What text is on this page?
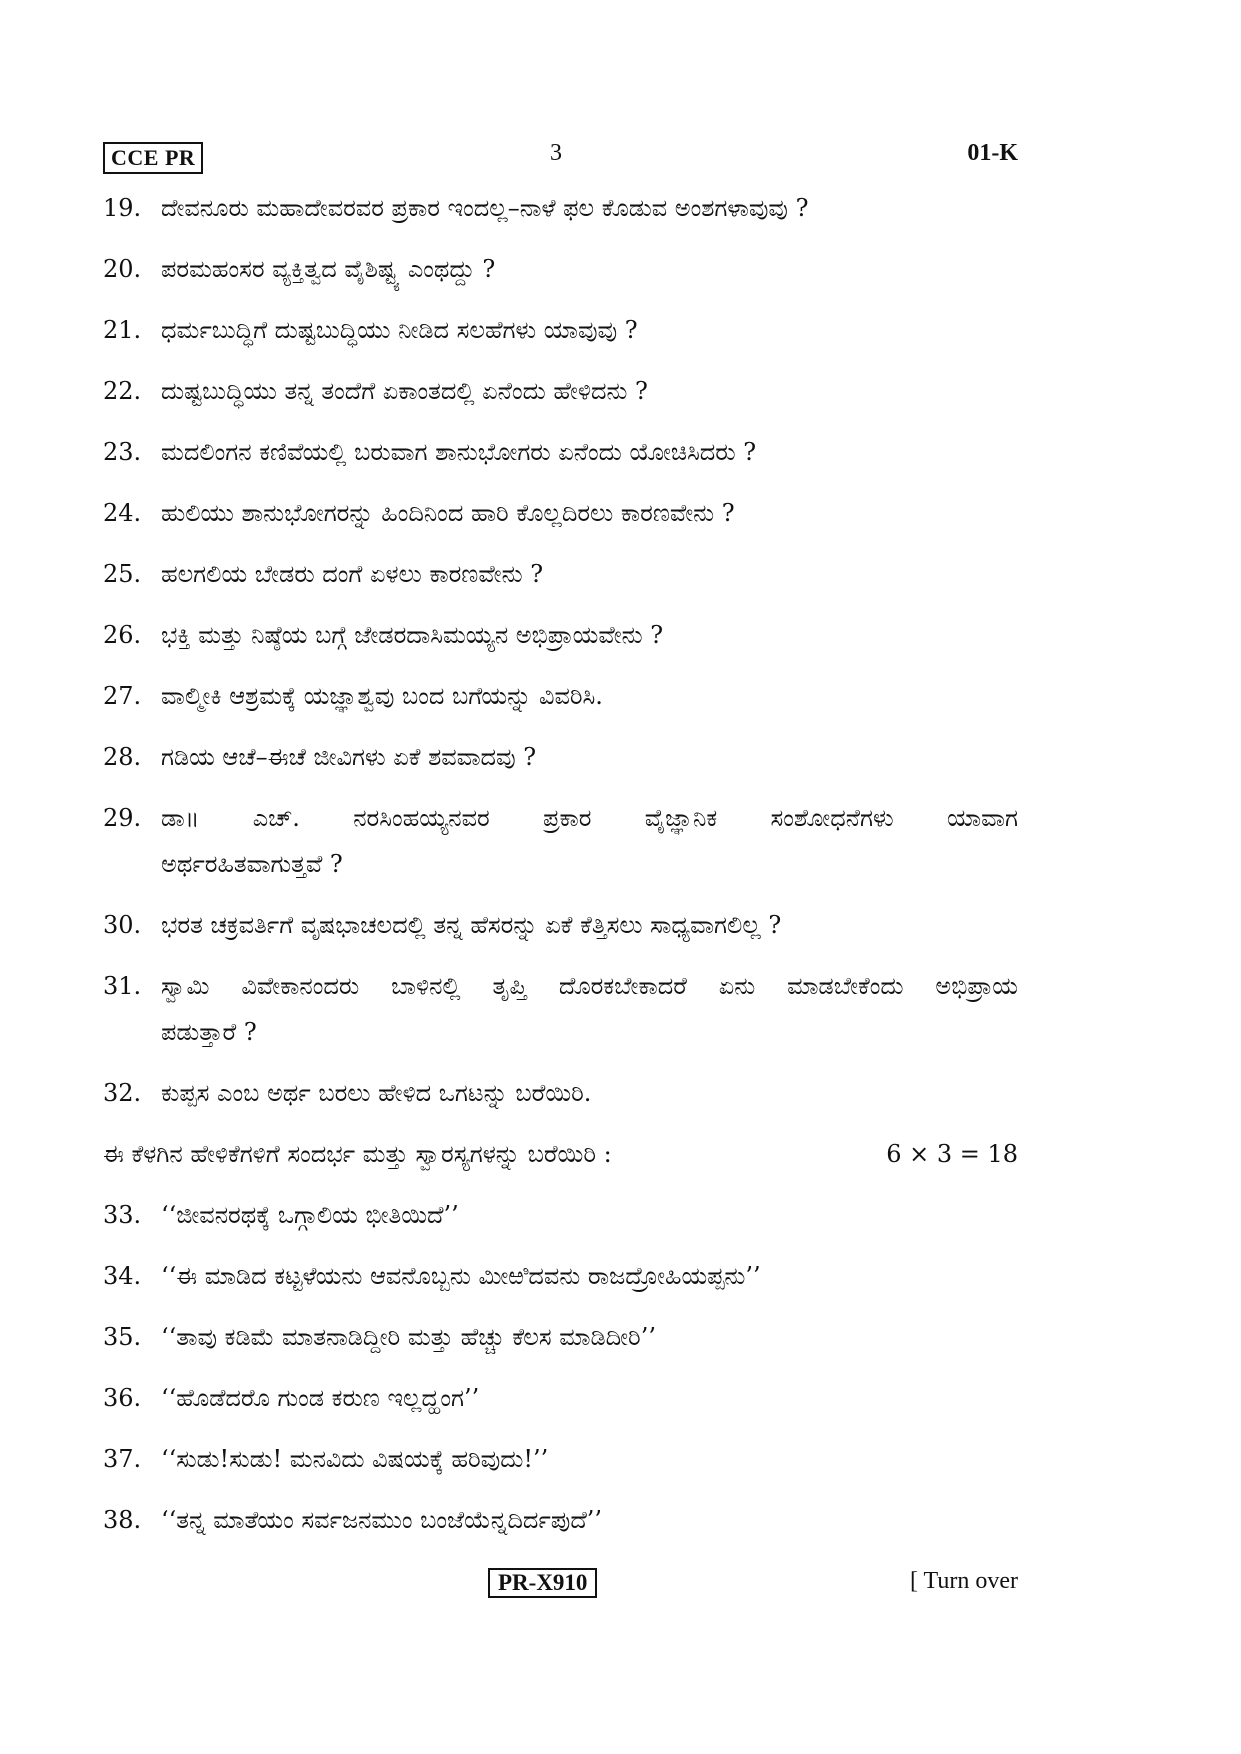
CCE PR	3	01-K
19. ದೇವನೂರು ಮಹಾದೇವರವರ ಪ್ರಕಾರ ಇಂದಲ್ಲ–ನಾಳೆ ಫಲ ಕೊಡುವ ಅಂಶಗಳಾವುವು ?
20. ಪರಮಹಂಸರ ವ್ಯಕ್ತಿತ್ವದ ವೈಶಿಷ್ಟ್ಯ ಎಂಥದ್ದು ?
21. ಧರ್ಮಬುದ್ಧಿಗೆ ದುಷ್ಟಬುದ್ಧಿಯು ನೀಡಿದ ಸಲಹೆಗಳು ಯಾವುವು ?
22. ದುಷ್ಟಬುದ್ಧಿಯು ತನ್ನ ತಂದೆಗೆ ಏಕಾಂತದಲ್ಲಿ ಏನೆಂದು ಹೇಳಿದನು ?
23. ಮದಲಿಂಗನ ಕಣಿವೆಯಲ್ಲಿ ಬರುವಾಗ ಶಾನುಭೋಗರು ಏನೆಂದು ಯೋಚಿಸಿದರು ?
24. ಹುಲಿಯು ಶಾನುಭೋಗರನ್ನು ಹಿಂದಿನಿಂದ ಹಾರಿ ಕೊಲ್ಲದಿರಲು ಕಾರಣವೇನು ?
25. ಹಲಗಲಿಯ ಬೇಡರು ದಂಗೆ ಏಳಲು ಕಾರಣವೇನು ?
26. ಭಕ್ತಿ ಮತ್ತು ನಿಷ್ಠೆಯ ಬಗ್ಗೆ ಜೇಡರದಾಸಿಮಯ್ಯನ ಅಭಿಪ್ರಾಯವೇನು ?
27. ವಾಲ್ಮೀಕಿ ಆಶ್ರಮಕ್ಕೆ ಯಜ್ಞಾಶ್ವವು ಬಂದ ಬಗೆಯನ್ನು ವಿವರಿಸಿ.
28. ಗಡಿಯ ಆಚೆ–ಈಚೆ ಜೀವಿಗಳು ಏಕೆ ಶವವಾದವು ?
29. ಡಾ॥ ಎಚ್. ನರಸಿಂಹಯ್ಯನವರ ಪ್ರಕಾರ ವೈಜ್ಞಾನಿಕ ಸಂಶೋಧನೆಗಳು ಯಾವಾಗ
ಅರ್ಥರಹಿತವಾಗುತ್ತವೆ ?
30. ಭರತ ಚಕ್ರವರ್ತಿಗೆ ವೃಷಭಾಚಲದಲ್ಲಿ ತನ್ನ ಹೆಸರನ್ನು ಏಕೆ ಕೆತ್ತಿಸಲು ಸಾಧ್ಯವಾಗಲಿಲ್ಲ ?
31. ಸ್ವಾಮಿ ವಿವೇಕಾನಂದರು ಬಾಳಿನಲ್ಲಿ ತೃಪ್ತಿ ದೊರಕಬೇಕಾದರೆ ಏನು ಮಾಡಬೇಕೆಂದು ಅಭಿಪ್ರಾಯ
ಪಡುತ್ತಾರೆ ?
32. ಕುಪ್ಪಸ ಎಂಬ ಅರ್ಥ ಬರಲು ಹೇಳಿದ ಒಗಟನ್ನು ಬರೆಯಿರಿ.
ಈ ಕೆಳಗಿನ ಹೇಳಿಕೆಗಳಿಗೆ ಸಂದರ್ಭ ಮತ್ತು ಸ್ವಾರಸ್ಯಗಳನ್ನು ಬರೆಯಿರಿ :	6 × 3 = 18
33. ‘‘ಜೀವನರಥಕ್ಕೆ ಒಗ್ಗಾಲಿಯ ಭೀತಿಯಿದೆ’’
34. ‘‘ಈ ಮಾಡಿದ ಕಟ್ಟಳೆಯನು ಆವನೊಬ್ಬನು ಮೀಱಿದವನು ರಾಜದ್ರೋಹಿಯಪ್ಪನು’’
35. ‘‘ತಾವು ಕಡಿಮೆ ಮಾತನಾಡಿದ್ದೀರಿ ಮತ್ತು ಹೆಚ್ಚು ಕೆಲಸ ಮಾಡಿದೀರಿ’’
36. ‘‘ಹೊಡೆದರೊ ಗುಂಡ ಕರುಣ ಇಲ್ಲದ್ಹಂಗ’’
37. ‘‘ಸುಡು!ಸುಡು! ಮನವಿದು ವಿಷಯಕ್ಕೆ ಹರಿವುದು!’’
38. ‘‘ತನ್ನ ಮಾತೆಯಂ ಸರ್ವಜನಮುಂ ಬಂಜೆಯೆನ್ನದಿರ್ದಪುದೆ’’
PR-X910	[ Turn over
